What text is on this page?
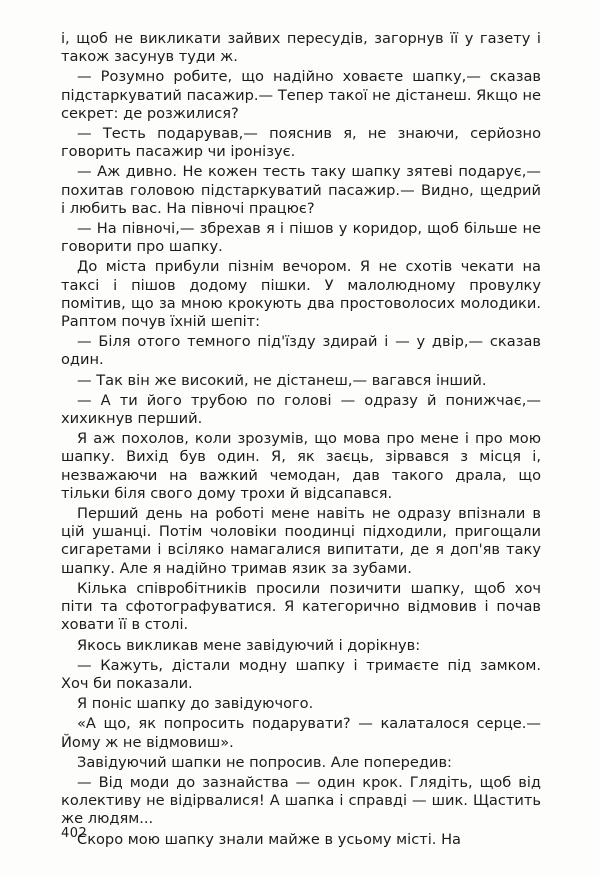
і, щоб не викликати зайвих пересудів, загорнув її у газету і також засунув туди ж.

— Розумно робите, що надійно ховаєте шапку,— сказав підстаркуватий пасажир.— Тепер такої не дістанеш. Якщо не секрет: де розжилися?

— Тесть подарував,— пояснив я, не знаючи, серйозно говорить пасажир чи іронізує.

— Аж дивно. Не кожен тесть таку шапку зятеві подарує,— похитав головою підстаркуватий пасажир.— Видно, щедрий і любить вас. На півночі працює?

— На півночі,— збрехав я і пішов у коридор, щоб більше не говорити про шапку.

До міста прибули пізнім вечором. Я не схотів чекати на таксі і пішов додому пішки. У малолюдному провулку помітив, що за мною крокують два простоволосих молодики. Раптом почув їхній шепіт:

— Біля отого темного під'їзду здирай і — у двір,— сказав один.

— Так він же високий, не дістанеш,— вагався інший.

— А ти його трубою по голові — одразу й понижчає,— хихикнув перший.

Я аж похолов, коли зрозумів, що мова про мене і про мою шапку. Вихід був один. Я, як заєць, зірвався з місця і, незважаючи на важкий чемодан, дав такого драла, що тільки біля свого дому трохи й відсапався.

Перший день на роботі мене навіть не одразу впізнали в цій ушанці. Потім чоловіки поодинці підходили, пригощали сигаретами і всіляко намагалися випитати, де я доп'яв таку шапку. Але я надійно тримав язик за зубами.

Кілька співробітників просили позичити шапку, щоб хоч піти та сфотографуватися. Я категорично відмовив і почав ховати її в столі.

Якось викликав мене завідуючий і дорікнув:

— Кажуть, дістали модну шапку і тримаєте під замком. Хоч би показали.

Я поніс шапку до завідуючого.

«А що, як попросить подарувати? — калаталося серце.— Йому ж не відмовиш».

Завідуючий шапки не попросив. Але попередив:

— Від моди до зазнайства — один крок. Глядіть, щоб від колективу не відірвалися! А шапка і справді — шик. Щастить же людям...

Скоро мою шапку знали майже в усьому місті. На

402
